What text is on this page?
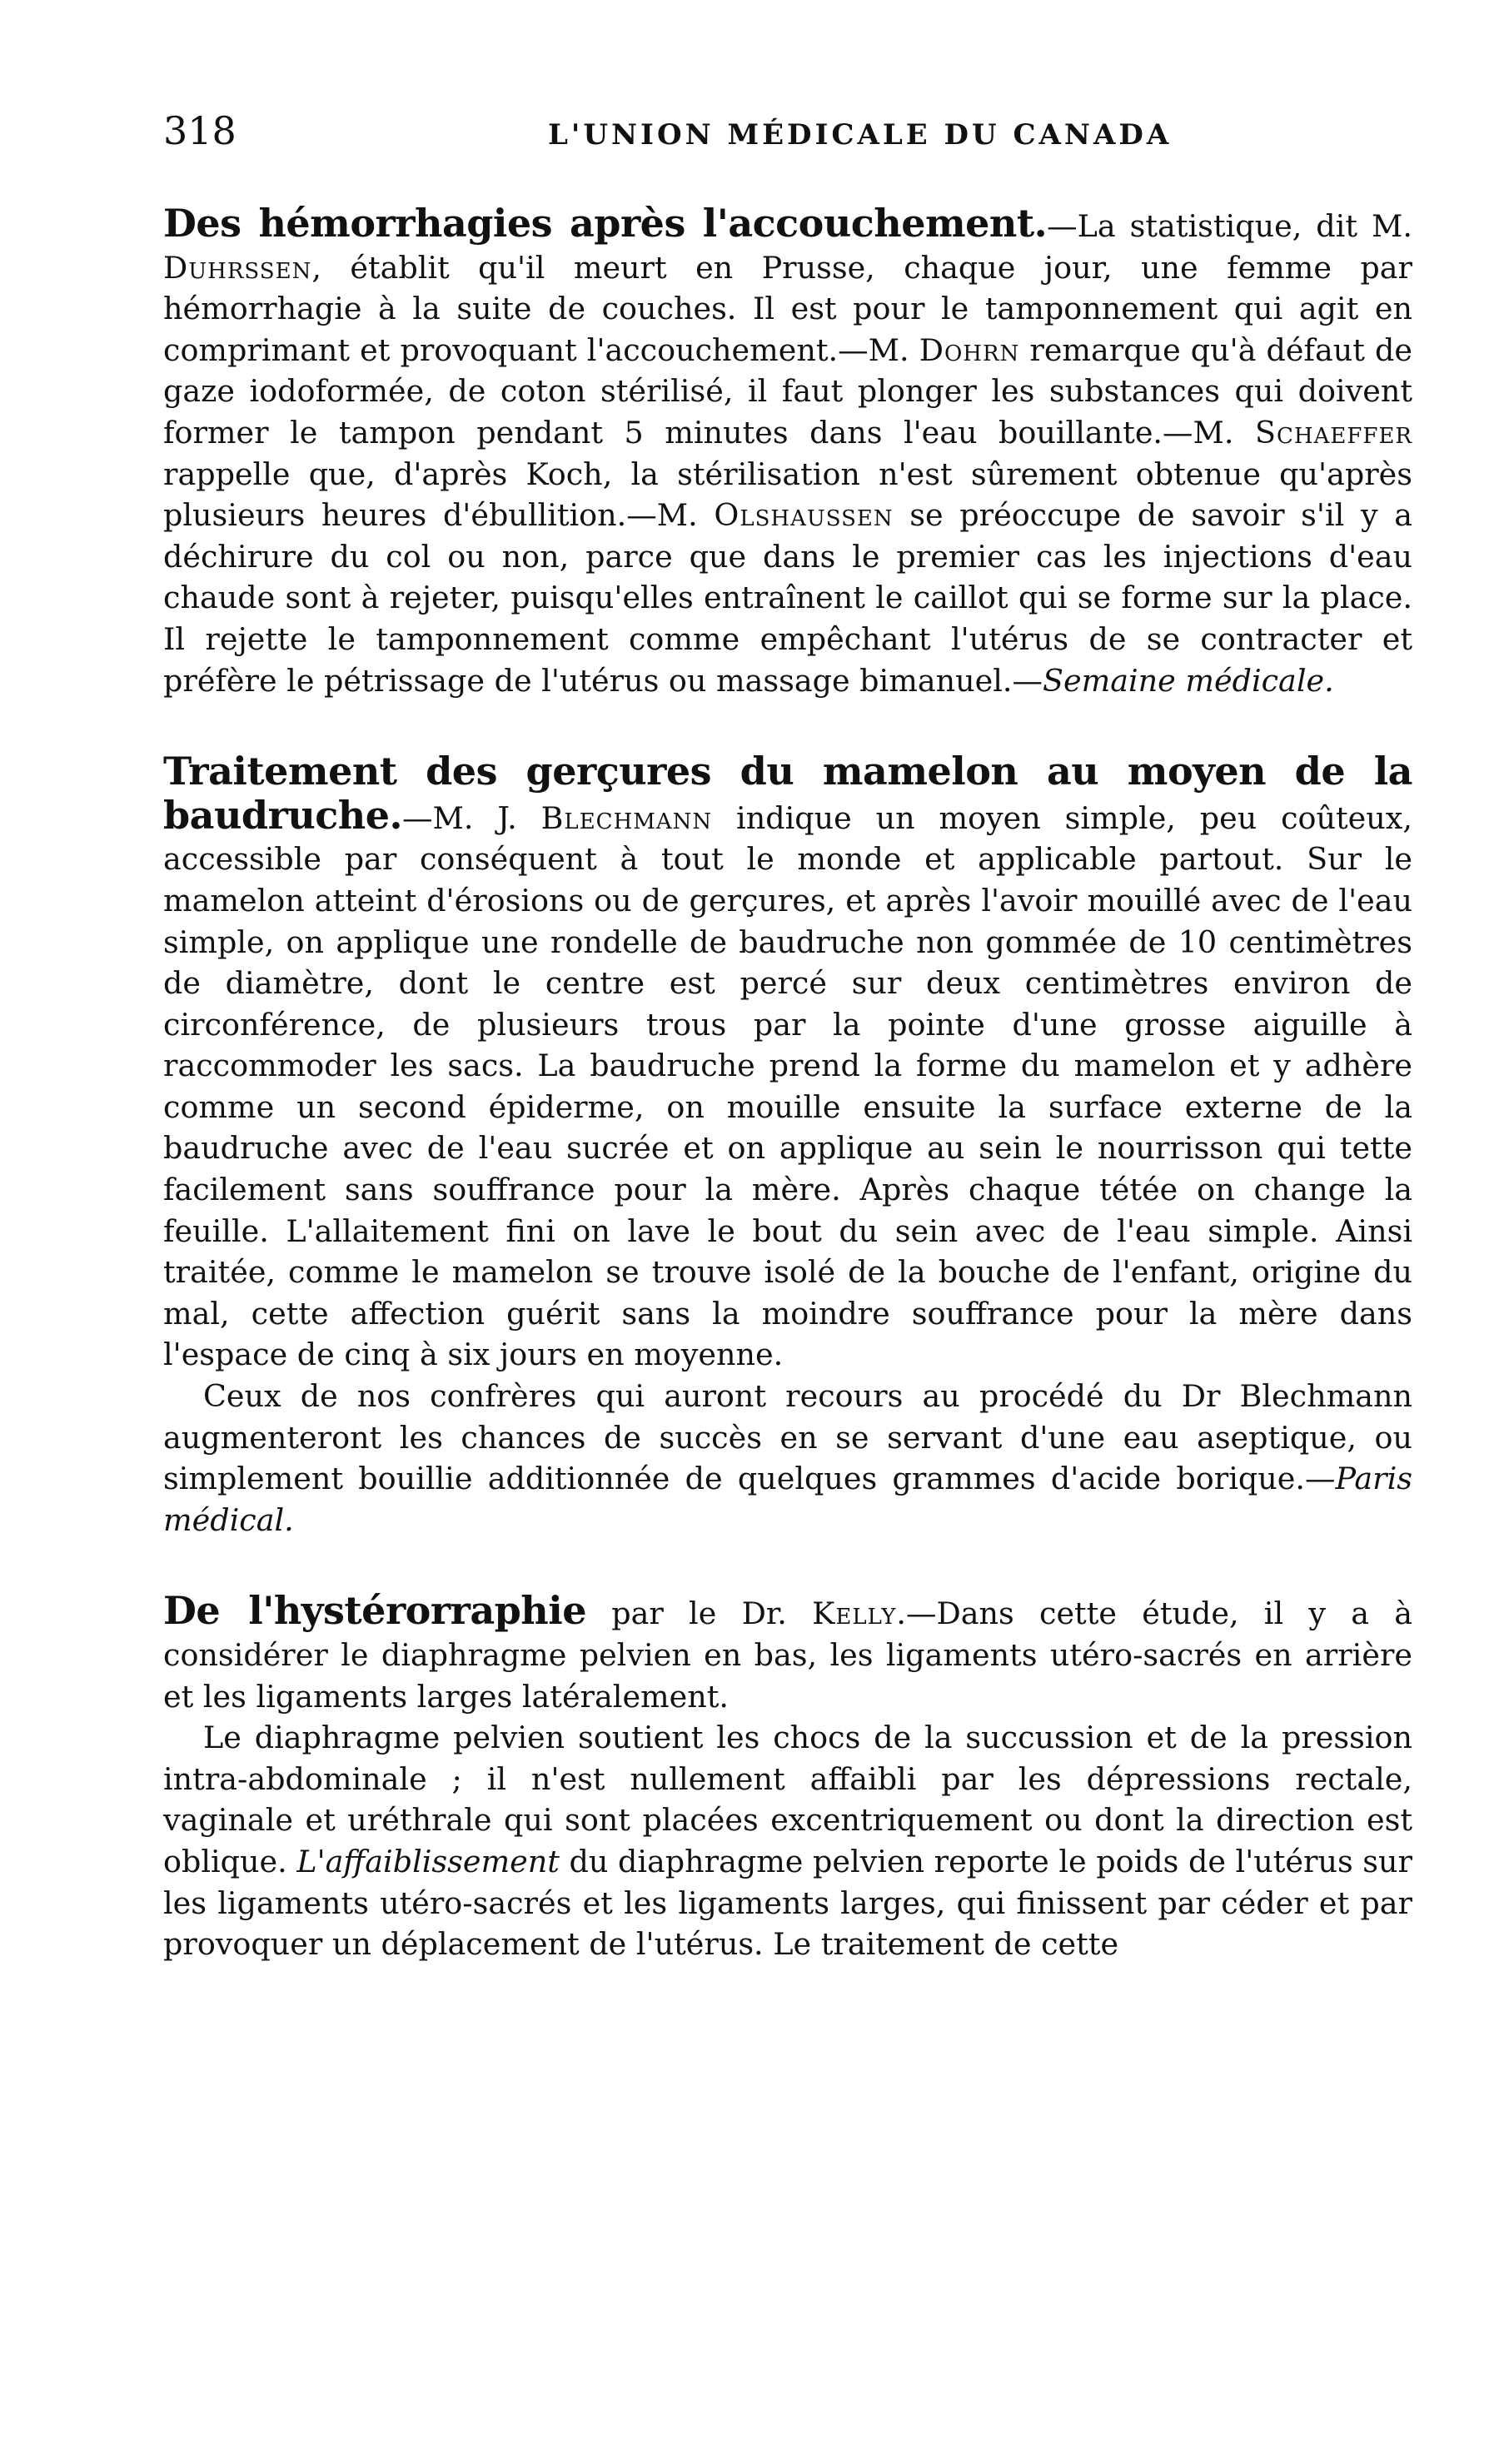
318	L'UNION MÉDICALE DU CANADA

Des hémorrhagies après l'accouchement.—La statistique, dit M. Duhrssen, établit qu'il meurt en Prusse, chaque jour, une femme par hémorrhagie à la suite de couches. Il est pour le tamponnement qui agit en comprimant et provoquant l'accouchement.—M. Dohrn remarque qu'à défaut de gaze iodoformée, de coton stérilisé, il faut plonger les substances qui doivent former le tampon pendant 5 minutes dans l'eau bouillante.—M. Schaeffer rappelle que, d'après Koch, la stérilisation n'est sûrement obtenue qu'après plusieurs heures d'ébullition.—M. Olshaussen se préoccupe de savoir s'il y a déchirure du col ou non, parce que dans le premier cas les injections d'eau chaude sont à rejeter, puisqu'elles entraînent le caillot qui se forme sur la place. Il rejette le tamponnement comme empêchant l'utérus de se contracter et préfère le pétrissage de l'utérus ou massage bimanuel.—Semaine médicale.

Traitement des gerçures du mamelon au moyen de la baudruche.—M. J. Blechmann indique un moyen simple, peu coûteux, accessible par conséquent à tout le monde et applicable partout. Sur le mamelon atteint d'érosions ou de gerçures, et après l'avoir mouillé avec de l'eau simple, on applique une rondelle de baudruche non gommée de 10 centimètres de diamètre, dont le centre est percé sur deux centimètres environ de circonférence, de plusieurs trous par la pointe d'une grosse aiguille à raccommoder les sacs. La baudruche prend la forme du mamelon et y adhère comme un second épiderme, on mouille ensuite la surface externe de la baudruche avec de l'eau sucrée et on applique au sein le nourrisson qui tette facilement sans souffrance pour la mère. Après chaque tétée on change la feuille. L'allaitement fini on lave le bout du sein avec de l'eau simple. Ainsi traitée, comme le mamelon se trouve isolé de la bouche de l'enfant, origine du mal, cette affection guérit sans la moindre souffrance pour la mère dans l'espace de cinq à six jours en moyenne.

Ceux de nos confrères qui auront recours au procédé du Dr Blechmann augmenteront les chances de succès en se servant d'une eau aseptique, ou simplement bouillie additionnée de quelques grammes d'acide borique.—Paris médical.

De l'hystérorraphie par le Dr. Kelly.—Dans cette étude, il y a à considérer le diaphragme pelvien en bas, les ligaments utéro-sacrés en arrière et les ligaments larges latéralement.

Le diaphragme pelvien soutient les chocs de la succussion et de la pression intra-abdominale ; il n'est nullement affaibli par les dépressions rectale, vaginale et uréthrale qui sont placées excentriquement ou dont la direction est oblique. L'affaiblissement du diaphragme pelvien reporte le poids de l'utérus sur les ligaments utéro-sacrés et les ligaments larges, qui finissent par céder et par provoquer un déplacement de l'utérus. Le traitement de cette
